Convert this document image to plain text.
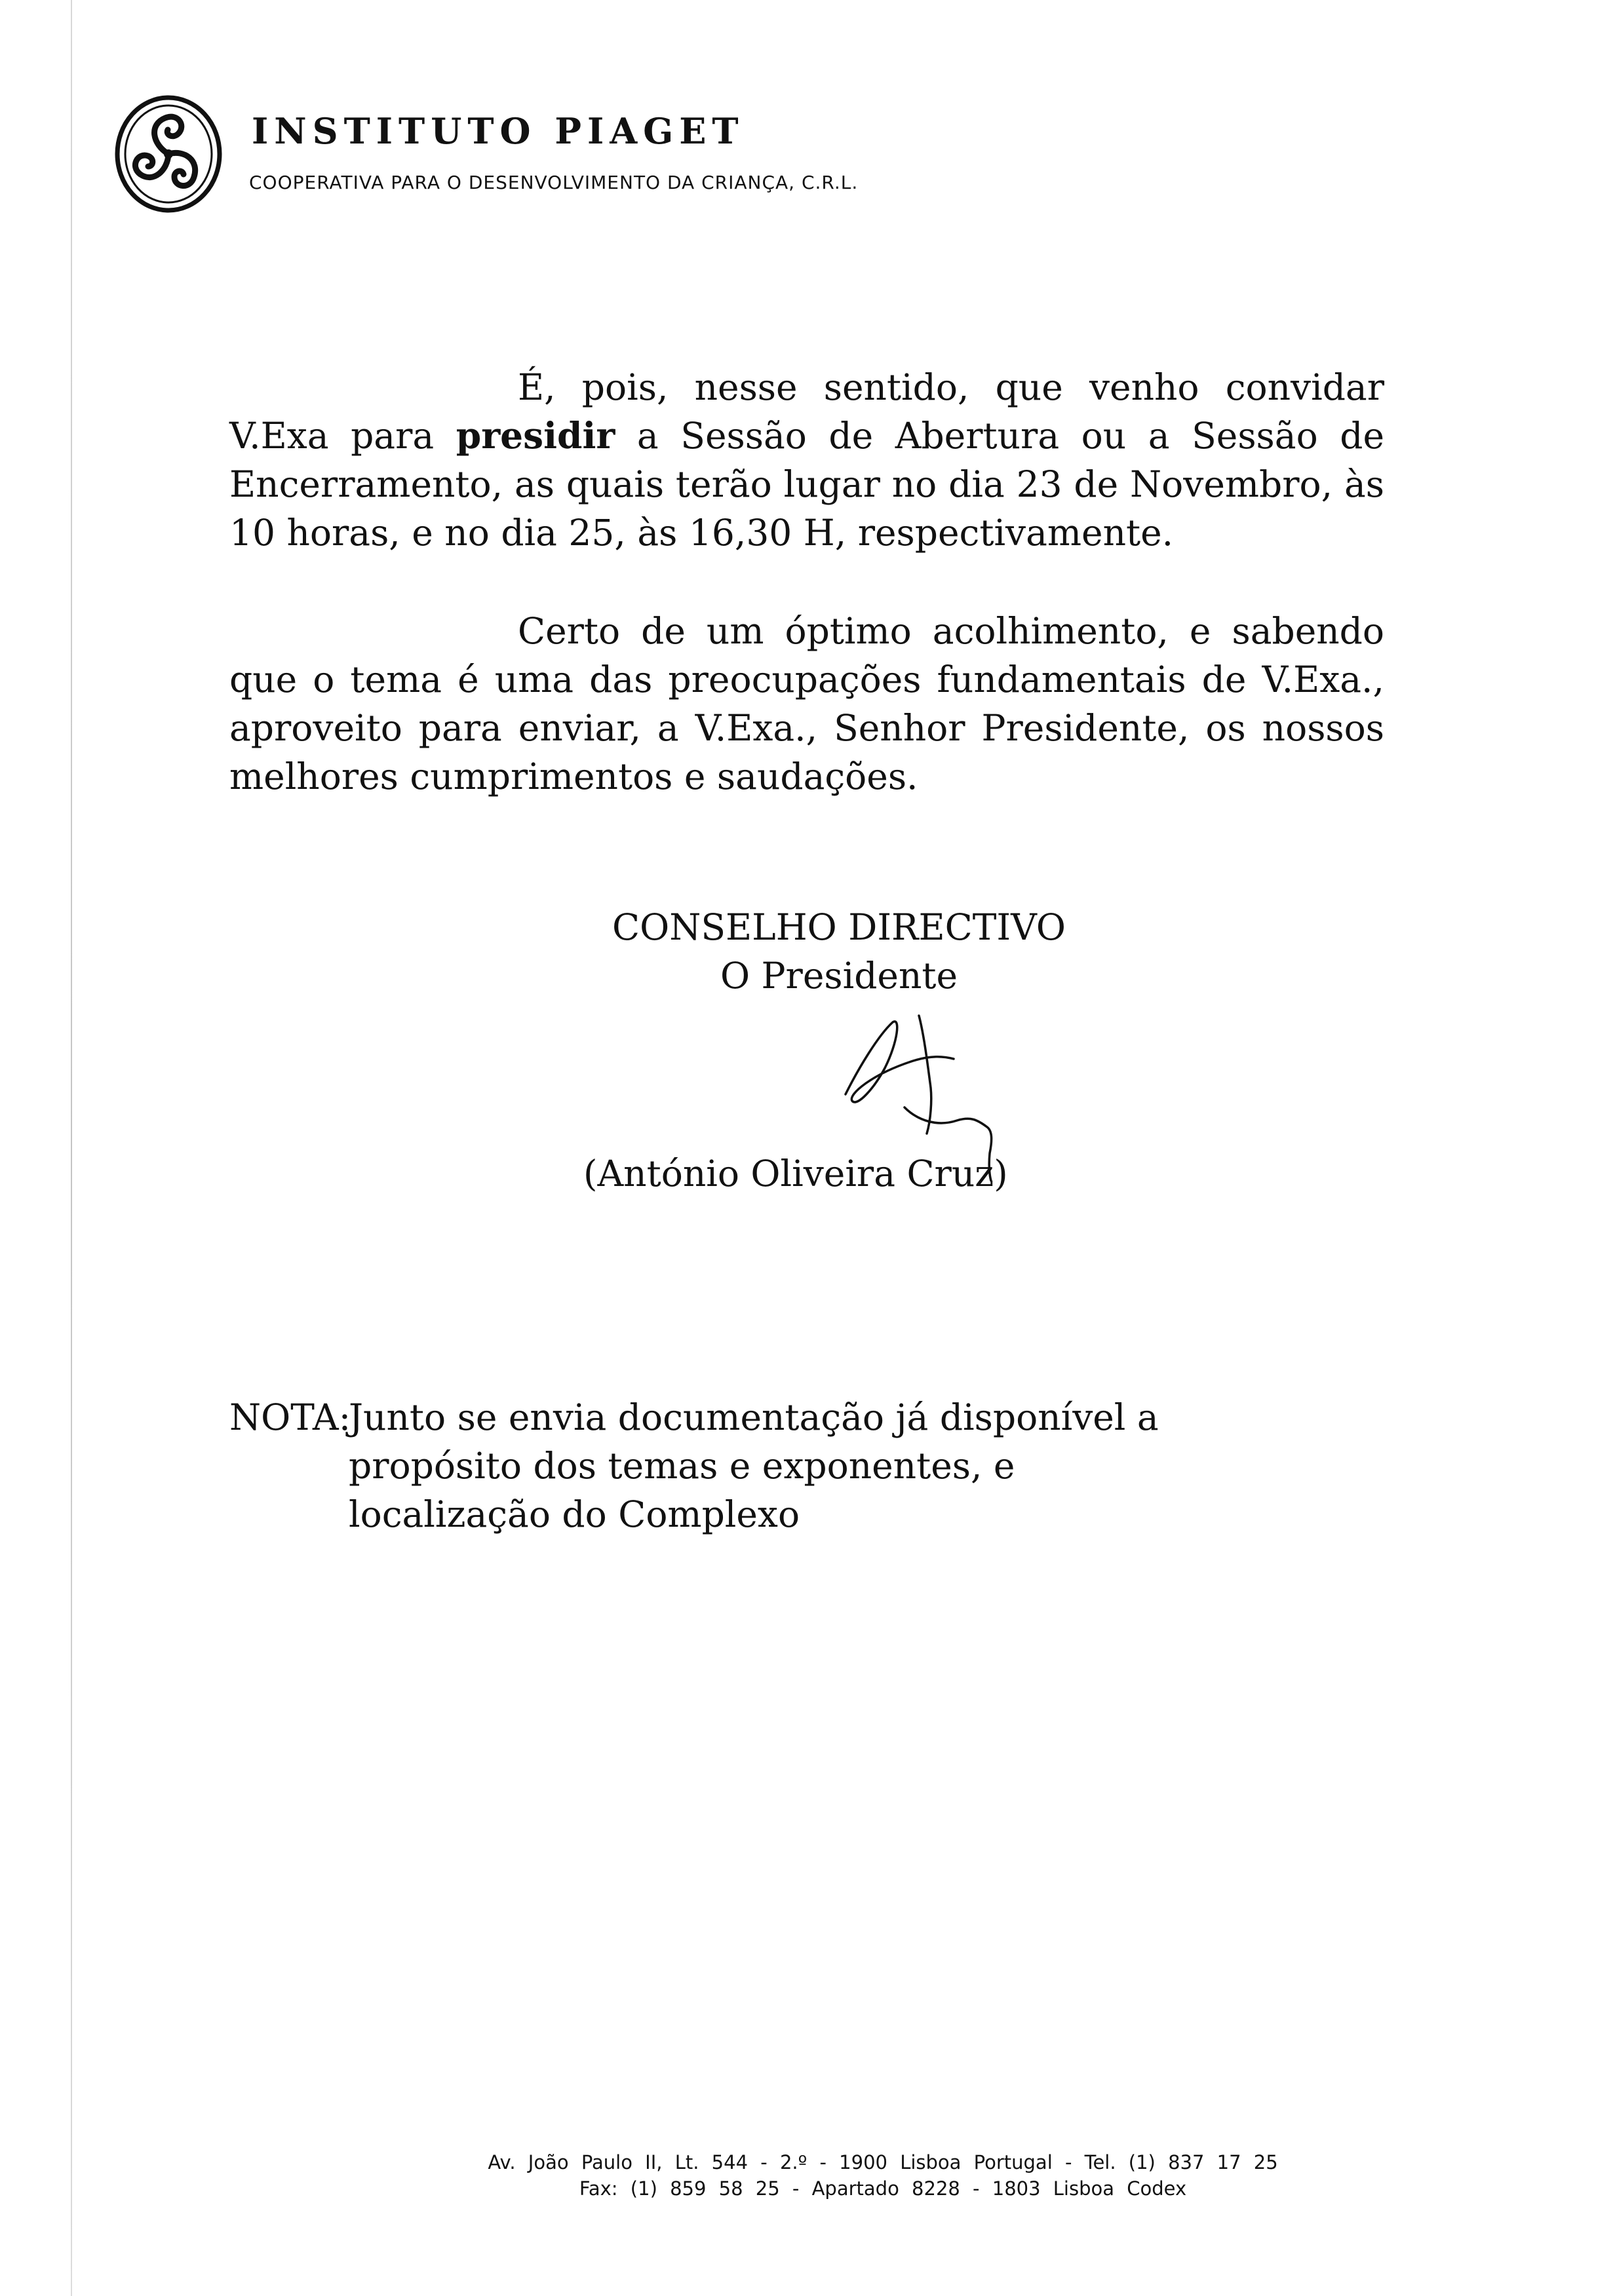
INSTITUTO PIAGET
COOPERATIVA PARA O DESENVOLVIMENTO DA CRIANÇA, C.R.L.

É, pois, nesse sentido, que venho convidar V.Exa para presidir a Sessão de Abertura ou a Sessão de Encerramento, as quais terão lugar no dia 23 de Novembro, às 10 horas, e no dia 25, às 16,30 H, respectivamente.

Certo de um óptimo acolhimento, e sabendo que o tema é uma das preocupações fundamentais de V.Exa., aproveito para enviar, a V.Exa., Senhor Presidente, os nossos melhores cumprimentos e saudações.

CONSELHO DIRECTIVO
O Presidente
(António Oliveira Cruz)
NOTA:
Junto se envia documentação já disponível a propósito dos temas e exponentes, e localização do Complexo
Av. João Paulo II, Lt. 544 - 2.º - 1900 Lisboa Portugal - Tel. (1) 837 17 25
Fax: (1) 859 58 25 - Apartado 8228 - 1803 Lisboa Codex
